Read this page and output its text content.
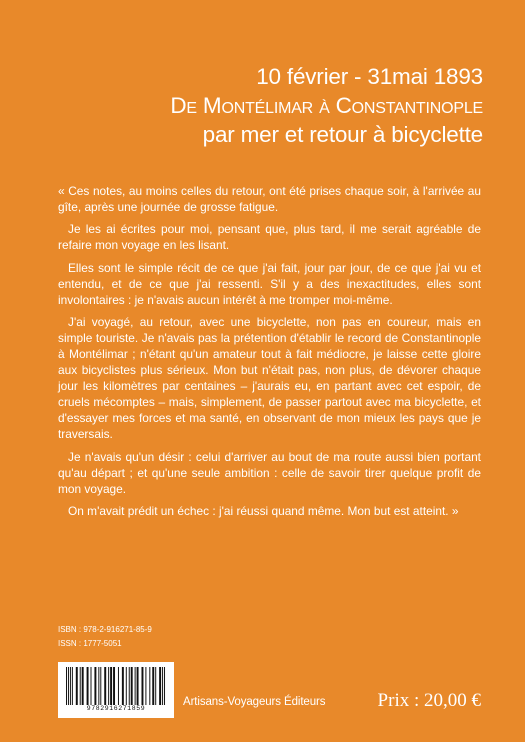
10 février - 31mai 1893
De Montélimar à Constantinople
par mer et retour à bicyclette

« Ces notes, au moins celles du retour, ont été prises chaque soir, à l'arrivée au gîte, après une journée de grosse fatigue.

Je les ai écrites pour moi, pensant que, plus tard, il me serait agréable de refaire mon voyage en les lisant.

Elles sont le simple récit de ce que j'ai fait, jour par jour, de ce que j'ai vu et entendu, et de ce que j'ai ressenti. S'il y a des inexactitudes, elles sont involontaires : je n'avais aucun intérêt à me tromper moi-même.

J'ai voyagé, au retour, avec une bicyclette, non pas en coureur, mais en simple touriste. Je n'avais pas la prétention d'établir le record de Constantinople à Montélimar ; n'étant qu'un amateur tout à fait médiocre, je laisse cette gloire aux bicyclistes plus sérieux. Mon but n'était pas, non plus, de dévorer chaque jour les kilomètres par centaines – j'aurais eu, en partant avec cet espoir, de cruels mécomptes – mais, simplement, de passer partout avec ma bicyclette, et d'essayer mes forces et ma santé, en observant de mon mieux les pays que je traversais.

Je n'avais qu'un désir : celui d'arriver au bout de ma route aussi bien portant qu'au départ ; et qu'une seule ambition : celle de savoir tirer quelque profit de mon voyage.

On m'avait prédit un échec : j'ai réussi quand même. Mon but est atteint. »

ISBN : 978-2-916271-85-9
ISSN : 1777-5051
9782916271859
Artisans-Voyageurs Éditeurs	Prix : 20,00 €
